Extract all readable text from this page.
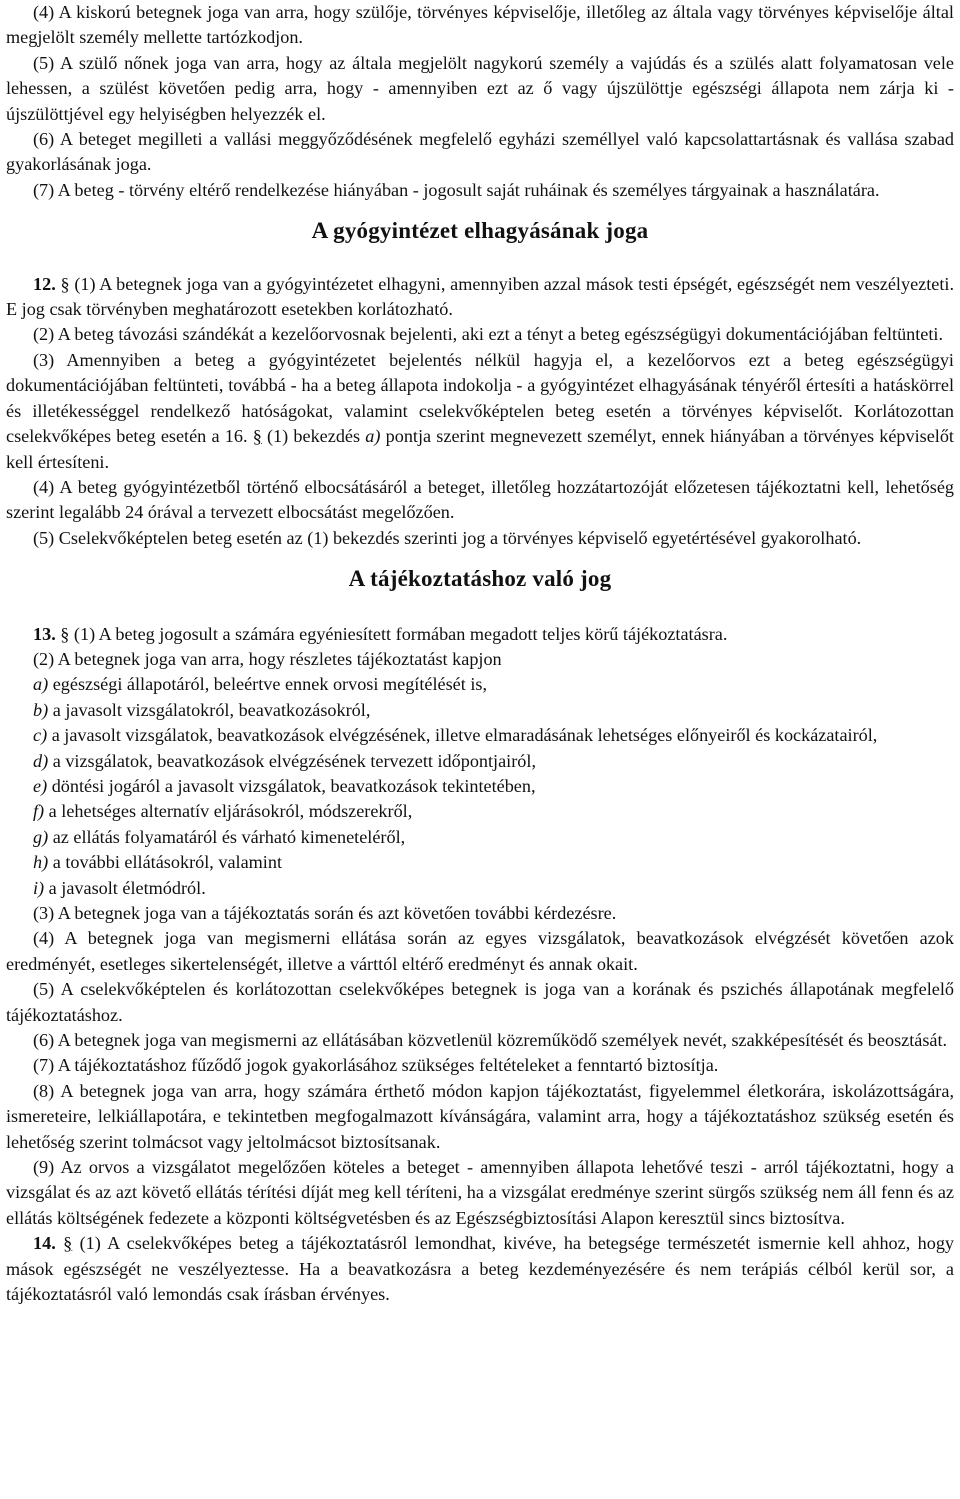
(4) A kiskorú betegnek joga van arra, hogy szülője, törvényes képviselője, illetőleg az általa vagy törvényes képviselője által megjelölt személy mellette tartózkodjon.

(5) A szülő nőnek joga van arra, hogy az általa megjelölt nagykorú személy a vajúdás és a szülés alatt folyamatosan vele lehessen, a szülést követően pedig arra, hogy - amennyiben ezt az ő vagy újszülöttje egészségi állapota nem zárja ki - újszülöttjével egy helyiségben helyezzék el.

(6) A beteget megilleti a vallási meggyőződésének megfelelő egyházi személlyel való kapcsolattartásnak és vallása szabad gyakorlásának joga.

(7) A beteg - törvény eltérő rendelkezése hiányában - jogosult saját ruháinak és személyes tárgyainak a használatára.

A gyógyintézet elhagyásának joga

12. § (1) A betegnek joga van a gyógyintézetet elhagyni, amennyiben azzal mások testi épségét, egészségét nem veszélyezteti. E jog csak törvényben meghatározott esetekben korlátozható.

(2) A beteg távozási szándékát a kezelőorvosnak bejelenti, aki ezt a tényt a beteg egészségügyi dokumentációjában feltünteti.

(3) Amennyiben a beteg a gyógyintézetet bejelentés nélkül hagyja el, a kezelőorvos ezt a beteg egészségügyi dokumentációjában feltünteti, továbbá - ha a beteg állapota indokolja - a gyógyintézet elhagyásának tényéről értesíti a hatáskörrel és illetékességgel rendelkező hatóságokat, valamint cselekvőképtelen beteg esetén a törvényes képviselőt. Korlátozottan cselekvőképes beteg esetén a 16. § (1) bekezdés a) pontja szerint megnevezett személyt, ennek hiányában a törvényes képviselőt kell értesíteni.

(4) A beteg gyógyintézetből történő elbocsátásáról a beteget, illetőleg hozzátartozóját előzetesen tájékoztatni kell, lehetőség szerint legalább 24 órával a tervezett elbocsátást megelőzően.

(5) Cselekvőképtelen beteg esetén az (1) bekezdés szerinti jog a törvényes képviselő egyetértésével gyakorolható.

A tájékoztatáshoz való jog

13. § (1) A beteg jogosult a számára egyéniesített formában megadott teljes körű tájékoztatásra.

(2) A betegnek joga van arra, hogy részletes tájékoztatást kapjon

a) egészségi állapotáról, beleértve ennek orvosi megítélését is,

b) a javasolt vizsgálatokról, beavatkozásokról,

c) a javasolt vizsgálatok, beavatkozások elvégzésének, illetve elmaradásának lehetséges előnyeiről és kockázatairól,

d) a vizsgálatok, beavatkozások elvégzésének tervezett időpontjairól,

e) döntési jogáról a javasolt vizsgálatok, beavatkozások tekintetében,

f) a lehetséges alternatív eljárásokról, módszerekről,

g) az ellátás folyamatáról és várható kimeneteléről,

h) a további ellátásokról, valamint

i) a javasolt életmódról.

(3) A betegnek joga van a tájékoztatás során és azt követően további kérdezésre.

(4) A betegnek joga van megismerni ellátása során az egyes vizsgálatok, beavatkozások elvégzését követően azok eredményét, esetleges sikertelenségét, illetve a várttól eltérő eredményt és annak okait.

(5) A cselekvőképtelen és korlátozottan cselekvőképes betegnek is joga van a korának és pszichés állapotának megfelelő tájékoztatáshoz.

(6) A betegnek joga van megismerni az ellátásában közvetlenül közreműködő személyek nevét, szakképesítését és beosztását.

(7) A tájékoztatáshoz fűződő jogok gyakorlásához szükséges feltételeket a fenntartó biztosítja.

(8) A betegnek joga van arra, hogy számára érthető módon kapjon tájékoztatást, figyelemmel életkorára, iskolázottságára, ismereteire, lelkiállapotára, e tekintetben megfogalmazott kívánságára, valamint arra, hogy a tájékoztatáshoz szükség esetén és lehetőség szerint tolmácsot vagy jeltolmácsot biztosítsanak.

(9) Az orvos a vizsgálatot megelőzően köteles a beteget - amennyiben állapota lehetővé teszi - arról tájékoztatni, hogy a vizsgálat és az azt követő ellátás térítési díját meg kell téríteni, ha a vizsgálat eredménye szerint sürgős szükség nem áll fenn és az ellátás költségének fedezete a központi költségvetésben és az Egészségbiztosítási Alapon keresztül sincs biztosítva.

14. § (1) A cselekvőképes beteg a tájékoztatásról lemondhat, kivéve, ha betegsége természetét ismernie kell ahhoz, hogy mások egészségét ne veszélyeztesse. Ha a beavatkozásra a beteg kezdeményezésére és nem terápiás célból kerül sor, a tájékoztatásról való lemondás csak írásban érvényes.
